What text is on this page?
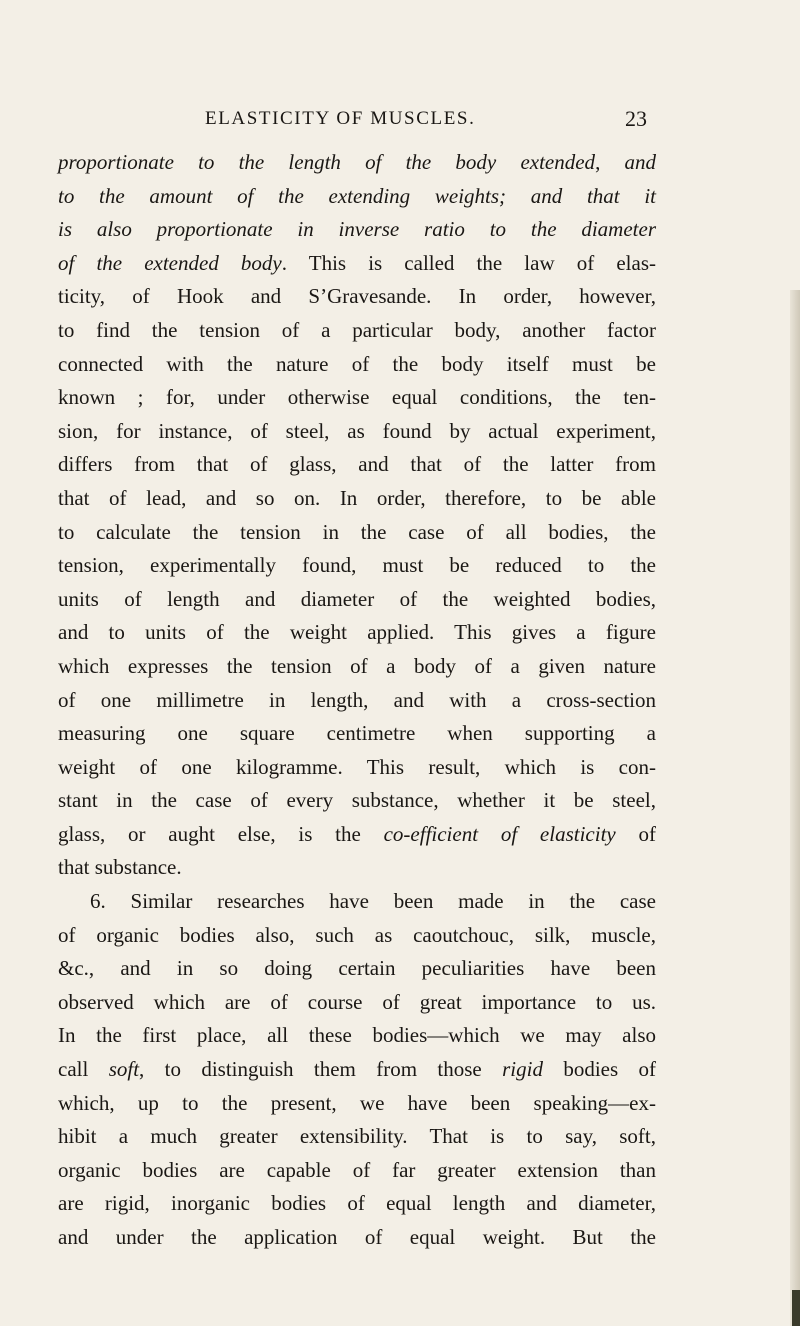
ELASTICITY OF MUSCLES.	23
proportionate to the length of the body extended, and
to the amount of the extending weights; and that it
is also proportionate in inverse ratio to the diameter
of the extended body. This is called the law of elas-
ticity, of Hook and S’Gravesande. In order, however,
to find the tension of a particular body, another factor
connected with the nature of the body itself must be
known ; for, under otherwise equal conditions, the ten-
sion, for instance, of steel, as found by actual experiment,
differs from that of glass, and that of the latter from
that of lead, and so on. In order, therefore, to be able
to calculate the tension in the case of all bodies, the
tension, experimentally found, must be reduced to the
units of length and diameter of the weighted bodies,
and to units of the weight applied. This gives a figure
which expresses the tension of a body of a given nature
of one millimetre in length, and with a cross-section
measuring one square centimetre when supporting a
weight of one kilogramme. This result, which is con-
stant in the case of every substance, whether it be steel,
glass, or aught else, is the co-efficient of elasticity of
that substance.
6. Similar researches have been made in the case
of organic bodies also, such as caoutchouc, silk, muscle,
&c., and in so doing certain peculiarities have been
observed which are of course of great importance to us.
In the first place, all these bodies—which we may also
call soft, to distinguish them from those rigid bodies of
which, up to the present, we have been speaking—ex-
hibit a much greater extensibility. That is to say, soft,
organic bodies are capable of far greater extension than
are rigid, inorganic bodies of equal length and diameter,
and under the application of equal weight. But the
